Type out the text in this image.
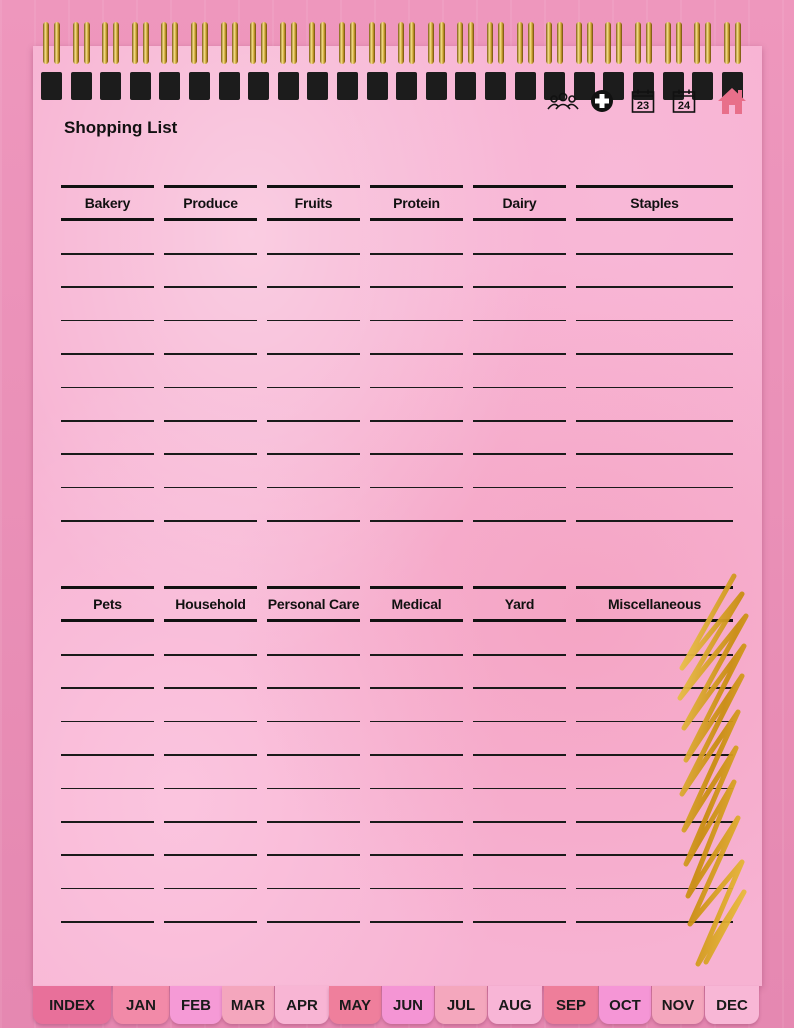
Shopping List
23	24
Bakery	Produce	Fruits	Protein	Dairy	Staples
Pets	Household	Personal Care	Medical	Yard	Miscellaneous
INDEX	JAN	FEB	MAR	APR	MAY	JUN	JUL	AUG	SEP	OCT	NOV	DEC
